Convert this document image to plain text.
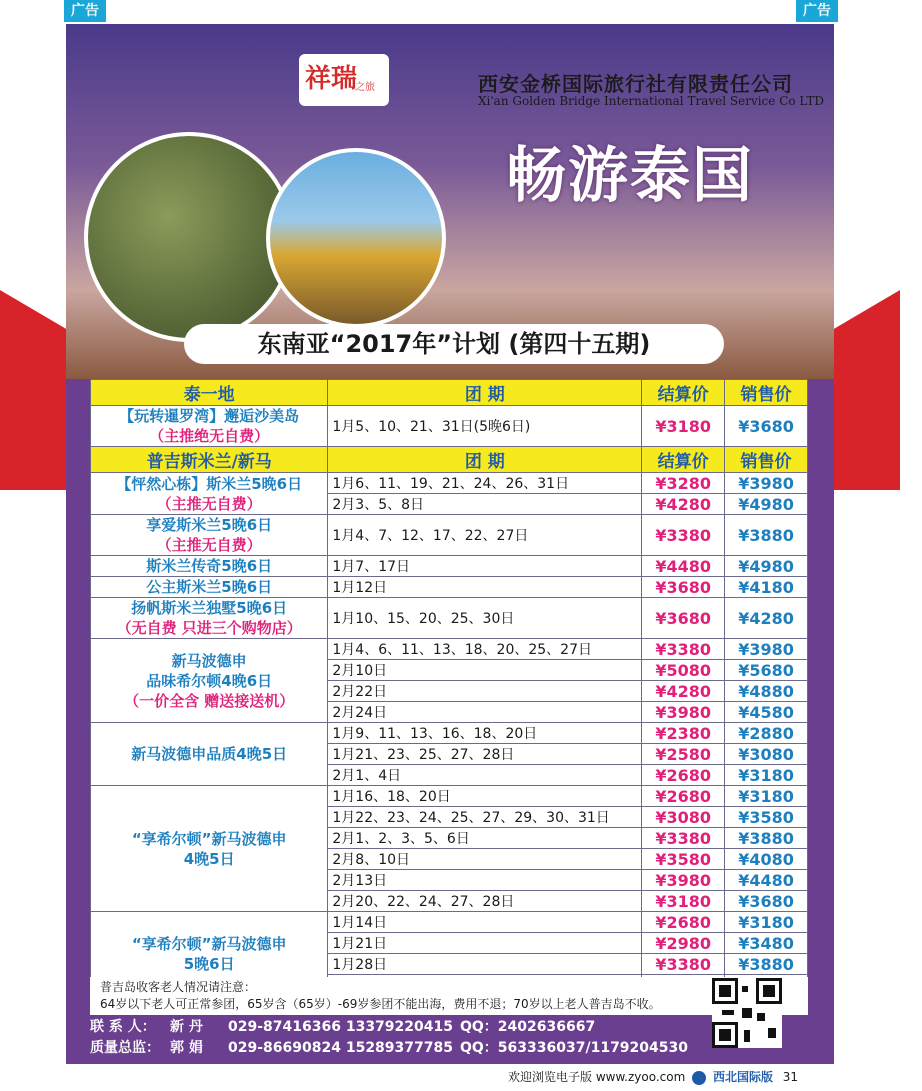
广告	广告
祥瑞之旅
祥瑞
之旅	西安金桥国际旅行社有限责任公司
Xi'an Golden Bridge International Travel Service Co LTD
畅游泰国
东南亚“2017年”计划 (第四十五期)
泰一地	团 期	结算价	销售价

【玩转暹罗湾】邂逅沙美岛
（主推绝无自费）	1月5、10、21、31日(5晚6日)	¥3180	¥3680
普吉斯米兰/新马	团 期	结算价	销售价

【怦然心栋】斯米兰5晚6日
（主推无自费）	1月6、11、19、21、24、26、31日	¥3280	¥3980
	2月3、5、8日	¥4280	¥4980

享爱斯米兰5晚6日
（主推无自费）	1月4、7、12、17、22、27日	¥3380	¥3880
斯米兰传奇5晚6日	1月7、17日	¥4480	¥4980
公主斯米兰5晚6日	1月12日	¥3680	¥4180

扬帆斯米兰独墅5晚6日
（无自费 只进三个购物店）	1月10、15、20、25、30日	¥3680	¥4280

新马波德申
品味希尔顿4晚6日
（一价全含 赠送接送机）	1月4、6、11、13、18、20、25、27日	¥3380	¥3980
	2月10日	¥5080	¥5680
	2月22日	¥4280	¥4880
	2月24日	¥3980	¥4580
新马波德申品质4晚5日	1月9、11、13、16、18、20日	¥2380	¥2880
	1月21、23、25、27、28日	¥2580	¥3080
	2月1、4日	¥2680	¥3180

“享希尔顿”新马波德申
4晚5日	1月16、18、20日	¥2680	¥3180
	1月22、23、24、25、27、29、30、31日	¥3080	¥3580
	2月1、2、3、5、6日	¥3380	¥3880
	2月8、10日	¥3580	¥4080
	2月13日	¥3980	¥4480
	2月20、22、24、27、28日	¥3180	¥3680

“享希尔顿”新马波德申
5晚6日	1月14日	¥2680	¥3180
	1月21日	¥2980	¥3480
	1月28日	¥3380	¥3880

普吉岛收客老人情况请注意：
64岁以下老人可正常参团，65岁含（65岁）-69岁参团不能出海，费用不退；70岁以上老人普吉岛不收。
联 系 人：	新 丹	029-87416366 13379220415 QQ：2402636667
质量总监： 郭 娟	029-86690824 15289377785 QQ：563336037/1179204530
欢迎浏览电子版 www.zyoo.com 西北国际版 31
